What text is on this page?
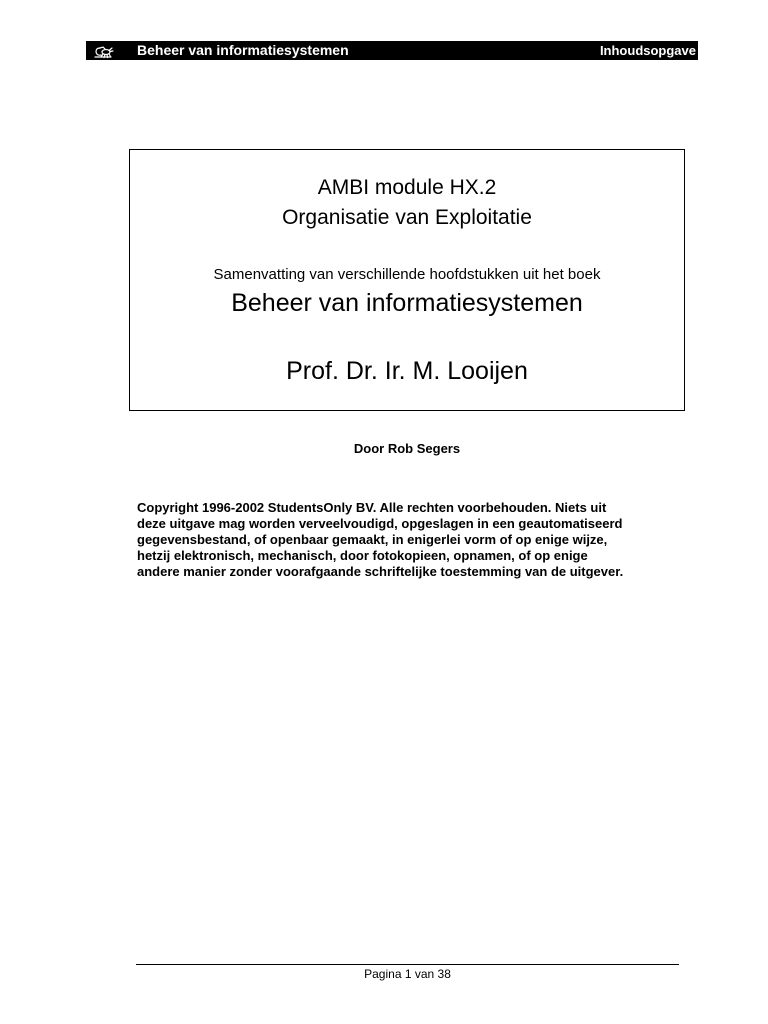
Beheer van informatiesystemen	Inhoudsopgave
AMBI module HX.2
Organisatie van Exploitatie
Samenvatting van verschillende hoofdstukken uit het boek
Beheer van informatiesystemen
Prof. Dr. Ir. M. Looijen
Door Rob Segers
Copyright 1996-2002 StudentsOnly BV. Alle rechten voorbehouden. Niets uit
deze uitgave mag worden verveelvoudigd, opgeslagen in een geautomatiseerd
gegevensbestand, of openbaar gemaakt, in enigerlei vorm of op enige wijze,
hetzij elektronisch, mechanisch, door fotokopieen, opnamen, of op enige
andere manier zonder voorafgaande schriftelijke toestemming van de uitgever.
Pagina 1 van 38
